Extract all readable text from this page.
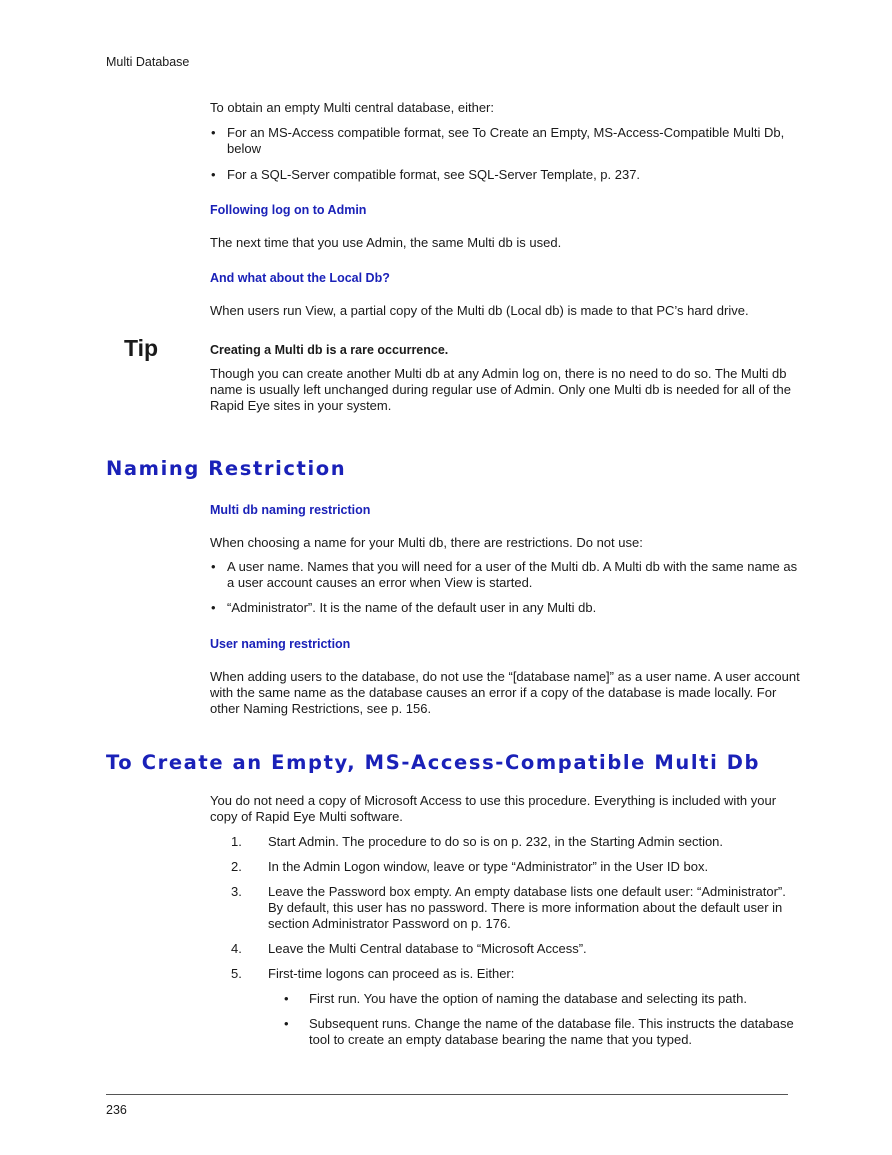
Multi Database

To obtain an empty Multi central database, either:

• For an MS-Access compatible format, see To Create an Empty, MS-Access-Compatible Multi Db, below
• For a SQL-Server compatible format, see SQL-Server Template, p. 237.
Following log on to Admin
The next time that you use Admin, the same Multi db is used.
And what about the Local Db?
When users run View, a partial copy of the Multi db (Local db) is made to that PC’s hard drive.
Tip	Creating a Multi db is a rare occurrence.
Though you can create another Multi db at any Admin log on, there is no need to do so. The Multi db name is usually left unchanged during regular use of Admin. Only one Multi db is needed for all of the Rapid Eye sites in your system.
Naming Restriction
Multi db naming restriction

When choosing a name for your Multi db, there are restrictions. Do not use:

• A user name. Names that you will need for a user of the Multi db. A Multi db with the same name as a user account causes an error when View is started.
• “Administrator”. It is the name of the default user in any Multi db.
User naming restriction
When adding users to the database, do not use the “[database name]” as a user name. A user account with the same name as the database causes an error if a copy of the database is made locally. For other Naming Restrictions, see p. 156.
To Create an Empty, MS-Access-Compatible Multi Db

You do not need a copy of Microsoft Access to use this procedure. Everything is included with your copy of Rapid Eye Multi software.

1. Start Admin. The procedure to do so is on p. 232, in the Starting Admin section.
2. In the Admin Logon window, leave or type “Administrator” in the User ID box.
3. Leave the Password box empty. An empty database lists one default user: “Administrator”. By default, this user has no password. There is more information about the default user in section Administrator Password on p. 176.
4. Leave the Multi Central database to “Microsoft Access”.
5. First-time logons can proceed as is. Either:
• First run. You have the option of naming the database and selecting its path.
• Subsequent runs. Change the name of the database file. This instructs the database tool to create an empty database bearing the name that you typed.
236
